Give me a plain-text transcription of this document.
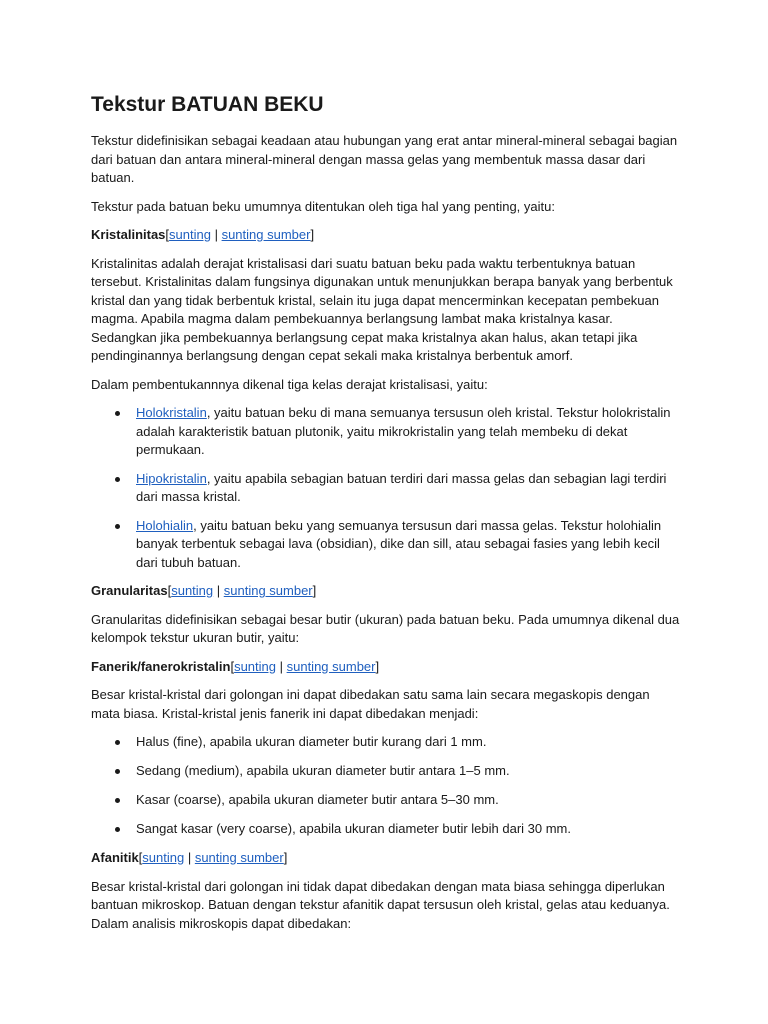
Tekstur BATUAN BEKU

Tekstur didefinisikan sebagai keadaan atau hubungan yang erat antar mineral-mineral sebagai bagian dari batuan dan antara mineral-mineral dengan massa gelas yang membentuk massa dasar dari batuan.

Tekstur pada batuan beku umumnya ditentukan oleh tiga hal yang penting, yaitu:

Kristalinitas[sunting | sunting sumber]

Kristalinitas adalah derajat kristalisasi dari suatu batuan beku pada waktu terbentuknya batuan tersebut. Kristalinitas dalam fungsinya digunakan untuk menunjukkan berapa banyak yang berbentuk kristal dan yang tidak berbentuk kristal, selain itu juga dapat mencerminkan kecepatan pembekuan magma. Apabila magma dalam pembekuannya berlangsung lambat maka kristalnya kasar. Sedangkan jika pembekuannya berlangsung cepat maka kristalnya akan halus, akan tetapi jika pendinginannya berlangsung dengan cepat sekali maka kristalnya berbentuk amorf.

Dalam pembentukannnya dikenal tiga kelas derajat kristalisasi, yaitu:

Holokristalin, yaitu batuan beku di mana semuanya tersusun oleh kristal. Tekstur holokristalin adalah karakteristik batuan plutonik, yaitu mikrokristalin yang telah membeku di dekat permukaan.
Hipokristalin, yaitu apabila sebagian batuan terdiri dari massa gelas dan sebagian lagi terdiri dari massa kristal.
Holohialin, yaitu batuan beku yang semuanya tersusun dari massa gelas. Tekstur holohialin banyak terbentuk sebagai lava (obsidian), dike dan sill, atau sebagai fasies yang lebih kecil dari tubuh batuan.
Granularitas[sunting | sunting sumber]

Granularitas didefinisikan sebagai besar butir (ukuran) pada batuan beku. Pada umumnya dikenal dua kelompok tekstur ukuran butir, yaitu:

Fanerik/fanerokristalin[sunting | sunting sumber]

Besar kristal-kristal dari golongan ini dapat dibedakan satu sama lain secara megaskopis dengan mata biasa. Kristal-kristal jenis fanerik ini dapat dibedakan menjadi:

Halus (fine), apabila ukuran diameter butir kurang dari 1 mm.
Sedang (medium), apabila ukuran diameter butir antara 1–5 mm.
Kasar (coarse), apabila ukuran diameter butir antara 5–30 mm.
Sangat kasar (very coarse), apabila ukuran diameter butir lebih dari 30 mm.
Afanitik[sunting | sunting sumber]

Besar kristal-kristal dari golongan ini tidak dapat dibedakan dengan mata biasa sehingga diperlukan bantuan mikroskop. Batuan dengan tekstur afanitik dapat tersusun oleh kristal, gelas atau keduanya. Dalam analisis mikroskopis dapat dibedakan:
